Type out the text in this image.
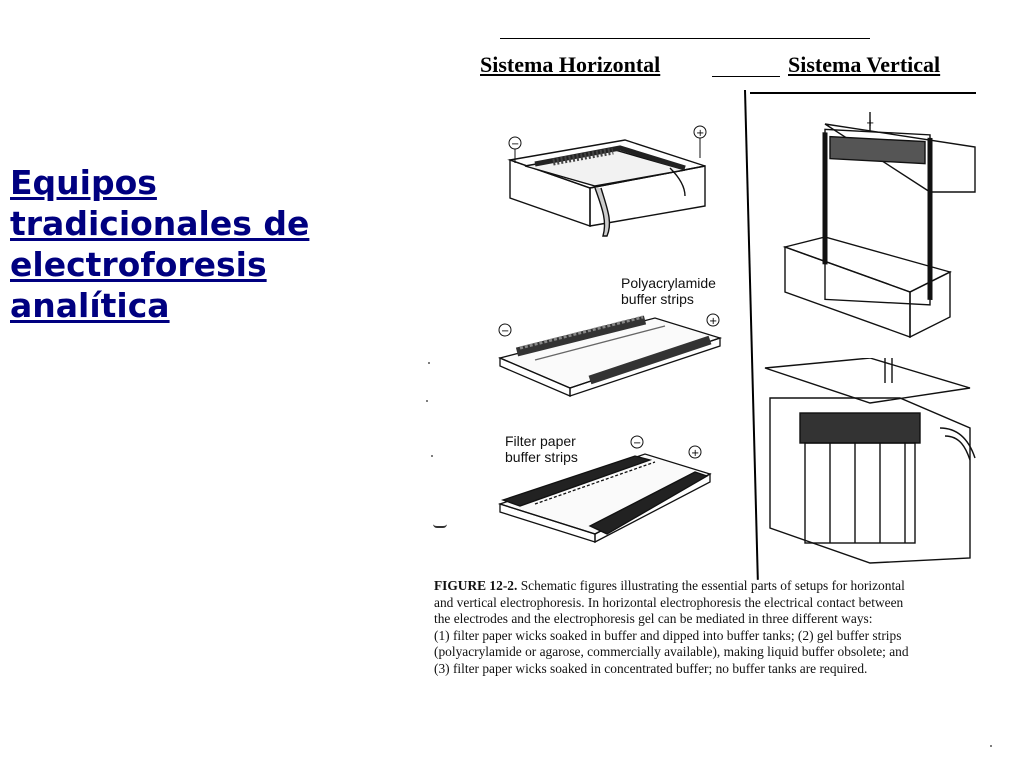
Equipos
tradicionales de
electroforesis
analítica
Sistema Horizontal	Sistema Vertical
−
+
Polyacrylamide
buffer strips
−
+
Filter paper
buffer strips
−
+
+
FIGURE 12-2. Schematic figures illustrating the essential parts of setups for horizontal
and vertical electrophoresis. In horizontal electrophoresis the electrical contact between
the electrodes and the electrophoresis gel can be mediated in three different ways:
(1) filter paper wicks soaked in buffer and dipped into buffer tanks; (2) gel buffer strips
(polyacrylamide or agarose, commercially available), making liquid buffer obsolete; and
(3) filter paper wicks soaked in concentrated buffer; no buffer tanks are required.
